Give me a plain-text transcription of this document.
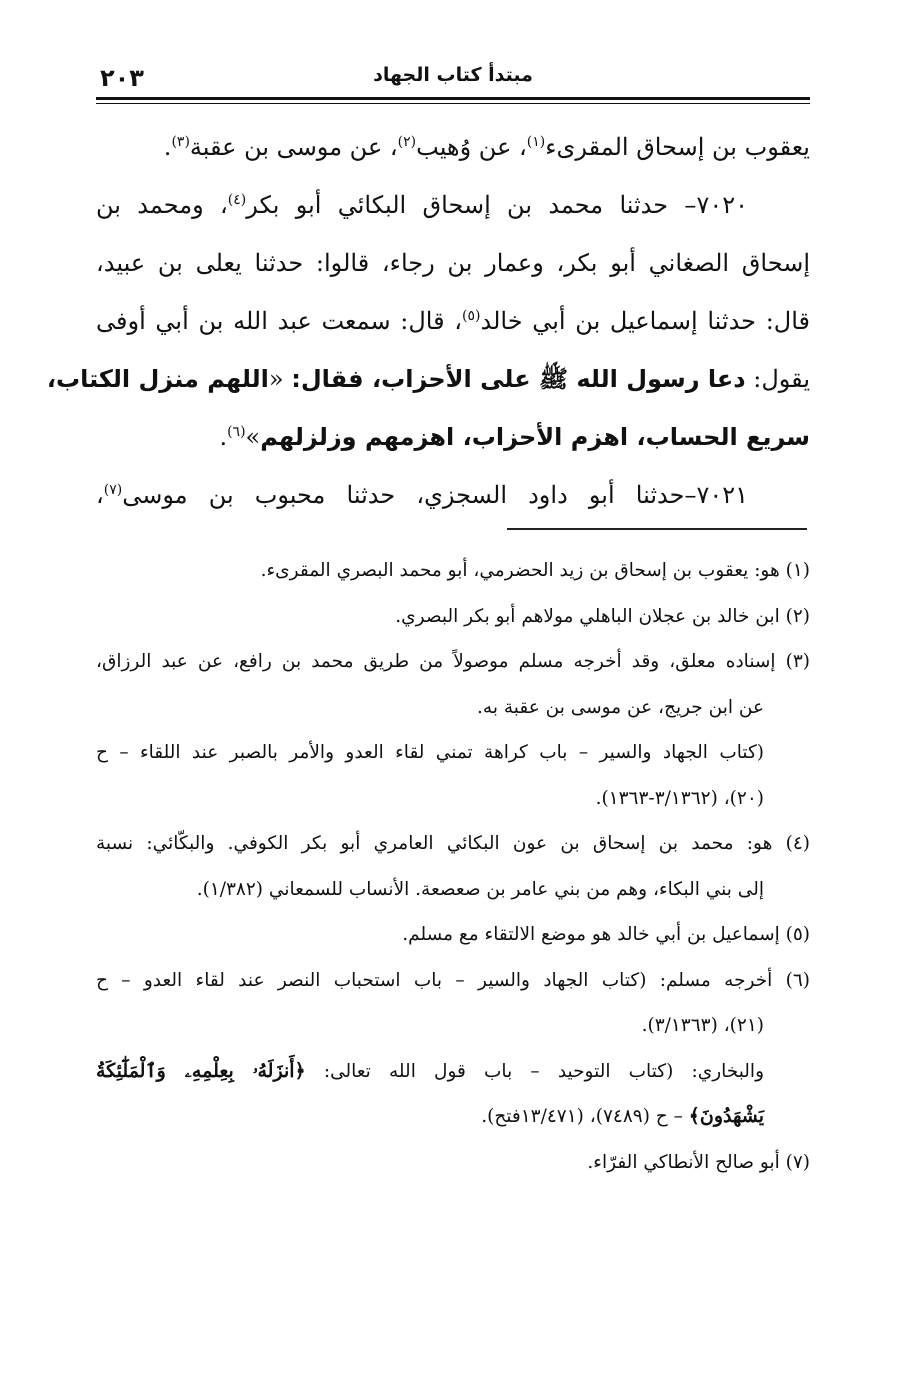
٢٠٣	مبتدأ كتاب الجهاد
يعقوب بن إسحاق المقرىء$^{(١)}$، عن وُهيب$^{(٢)}$، عن موسى بن عقبة$^{(٣)}$.
٧٠٢٠– حدثنا محمد بن إسحاق البكائي أبو بكر$^{(٤)}$، ومحمد بن
إسحاق الصغاني أبو بكر، وعمار بن رجاء، قالوا: حدثنا يعلى بن عبيد،
قال: حدثنا إسماعيل بن أبي خالد$^{(٥)}$، قال: سمعت عبد الله بن أبي أوفى
يقول: دعا رسول الله ﷺ على الأحزاب، فقال: «اللهم منزل الكتاب،
سريع الحساب، اهزم الأحزاب، اهزمهم وزلزلهم»$^{(٦)}$.
٧٠٢١–حدثنا أبو داود السجزي، حدثنا محبوب بن موسى$^{(٧)}$،
(١) هو: يعقوب بن إسحاق بن زيد الحضرمي، أبو محمد البصري المقرىء.
(٢) ابن خالد بن عجلان الباهلي مولاهم أبو بكر البصري.
(٣) إسناده معلق، وقد أخرجه مسلم موصولاً من طريق محمد بن رافع، عن عبد الرزاق،
عن ابن جريج، عن موسى بن عقبة به.
(كتاب الجهاد والسير – باب كراهة تمني لقاء العدو والأمر بالصبر عند اللقاء – ح
(٢٠)، (٣/١٣٦٢-١٣٦٣).
(٤) هو: محمد بن إسحاق بن عون البكائي العامري أبو بكر الكوفي. والبكّائي: نسبة
إلى بني البكاء، وهم من بني عامر بن صعصعة. الأنساب للسمعاني (١/٣٨٢).
(٥) إسماعيل بن أبي خالد هو موضع الالتقاء مع مسلم.
(٦) أخرجه مسلم: (كتاب الجهاد والسير – باب استحباب النصر عند لقاء العدو – ح
(٢١)، (٣/١٣٦٣).
والبخاري: (كتاب التوحيد – باب قول الله تعالى: ﴿أَنزَلَهُۥ بِعِلْمِهِۦ وَٱلْمَلَٰٓئِكَةُ
يَشْهَدُونَ﴾ – ح (٧٤٨٩)، (١٣/٤٧١فتح).
(٧) أبو صالح الأنطاكي الفرّاء.
